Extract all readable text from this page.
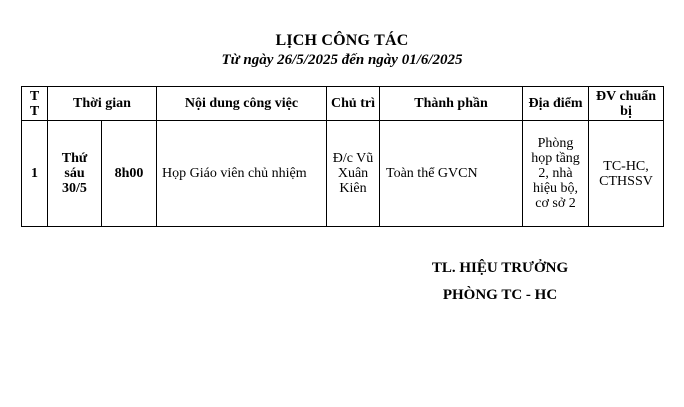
LỊCH CÔNG TÁC
Từ ngày 26/5/2025 đến ngày 01/6/2025
T T	Thời gian		Nội dung công việc	Chủ trì	Thành phần	Địa điểm	ĐV chuẩn bị
1	Thứ sáu 30/5	8h00	Họp Giáo viên chủ nhiệm	Đ/c Vũ Xuân Kiên	Toàn thể GVCN	Phòng họp tầng 2, nhà hiệu bộ, cơ sở 2	TC-HC, CTHSSV
TL. HIỆU TRƯỞNG
PHÒNG TC - HC
